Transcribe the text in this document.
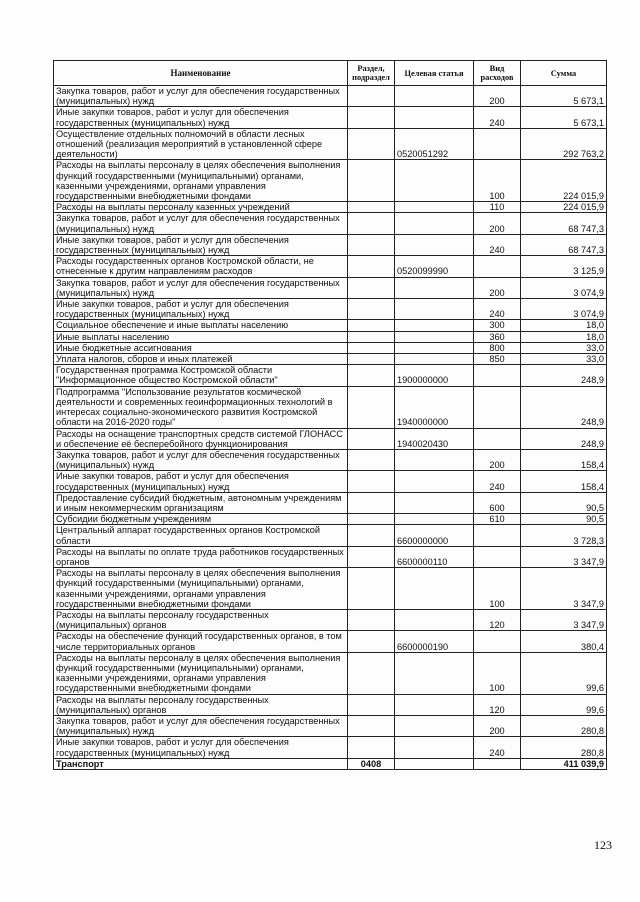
Наименование	Раздел, подраздел	Целевая статья	Вид расходов	Сумма
Закупка товаров, работ и услуг для обеспечения государственных (муниципальных) нужд			200	5 673,1
Иные закупки товаров, работ и услуг для обеспечения государственных (муниципальных) нужд			240	5 673,1
Осуществление отдельных полномочий в области лесных отношений (реализация мероприятий в установленной сфере деятельности)		0520051292		292 763,2
Расходы на выплаты персоналу в целях обеспечения выполнения функций государственными (муниципальными) органами, казенными учреждениями, органами управления государственными внебюджетными фондами			100	224 015,9
Расходы на выплаты персоналу казенных учреждений			110	224 015,9
Закупка товаров, работ и услуг для обеспечения государственных (муниципальных) нужд			200	68 747,3
Иные закупки товаров, работ и услуг для обеспечения государственных (муниципальных) нужд			240	68 747,3
Расходы государственных органов Костромской области, не отнесенные к другим направлениям расходов		0520099990		3 125,9
Закупка товаров, работ и услуг для обеспечения государственных (муниципальных) нужд			200	3 074,9
Иные закупки товаров, работ и услуг для обеспечения государственных (муниципальных) нужд			240	3 074,9
Социальное обеспечение и иные выплаты населению			300	18,0
Иные выплаты населению			360	18,0
Иные бюджетные ассигнования			800	33,0
Уплата налогов, сборов и иных платежей			850	33,0
Государственная программа Костромской области "Информационное общество Костромской области"		1900000000		248,9
Подпрограмма "Использование результатов космической деятельности и современных геоинформационных технологий в интересах социально-экономического развития Костромской области на 2016-2020 годы"		1940000000		248,9
Расходы на оснащение транспортных средств системой ГЛОНАСС и обеспечение её бесперебойного функционирования		1940020430		248,9
Закупка товаров, работ и услуг для обеспечения государственных (муниципальных) нужд			200	158,4
Иные закупки товаров, работ и услуг для обеспечения государственных (муниципальных) нужд			240	158,4
Предоставление субсидий бюджетным, автономным учреждениям и иным некоммерческим организациям			600	90,5
Субсидии бюджетным учреждениям			610	90,5
Центральный аппарат государственных органов Костромской области		6600000000		3 728,3
Расходы на выплаты по оплате труда работников государственных органов		6600000110		3 347,9
Расходы на выплаты персоналу в целях обеспечения выполнения функций государственными (муниципальными) органами, казенными учреждениями, органами управления государственными внебюджетными фондами			100	3 347,9
Расходы на выплаты персоналу государственных (муниципальных) органов			120	3 347,9
Расходы на обеспечение функций государственных органов, в том числе территориальных органов		6600000190		380,4
Расходы на выплаты персоналу в целях обеспечения выполнения функций государственными (муниципальными) органами, казенными учреждениями, органами управления государственными внебюджетными фондами			100	99,6
Расходы на выплаты персоналу государственных (муниципальных) органов			120	99,6
Закупка товаров, работ и услуг для обеспечения государственных (муниципальных) нужд			200	280,8
Иные закупки товаров, работ и услуг для обеспечения государственных (муниципальных) нужд			240	280,8
Транспорт	0408			411 039,9
123
